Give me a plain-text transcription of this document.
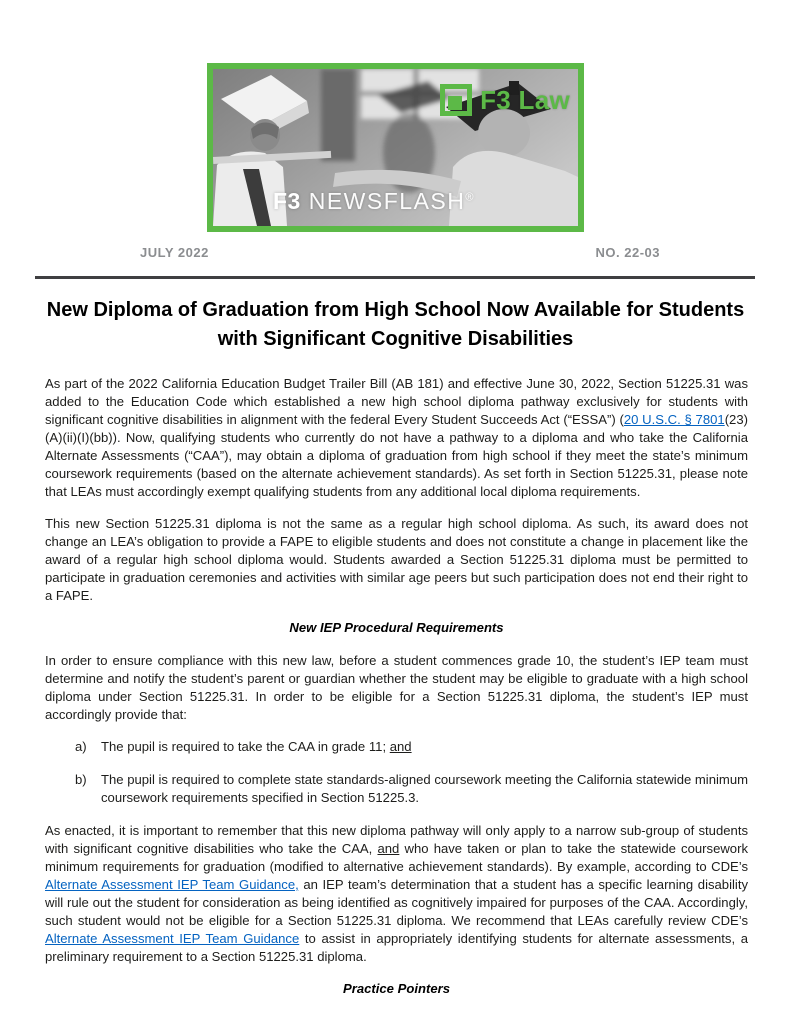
F3 Law
F3 NEWSFLASH®
JULY 2022	NO. 22-03
New Diploma of Graduation from High School Now Available for Students with Significant Cognitive Disabilities

As part of the 2022 California Education Budget Trailer Bill (AB 181) and effective June 30, 2022, Section 51225.31 was added to the Education Code which established a new high school diploma pathway exclusively for students with significant cognitive disabilities in alignment with the federal Every Student Succeeds Act (“ESSA”) (20 U.S.C. § 7801(23)(A)(ii)(I)(bb)). Now, qualifying students who currently do not have a pathway to a diploma and who take the California Alternate Assessments (“CAA”), may obtain a diploma of graduation from high school if they meet the state’s minimum coursework requirements (based on the alternate achievement standards). As set forth in Section 51225.31, please note that LEAs must accordingly exempt qualifying students from any additional local diploma requirements.

This new Section 51225.31 diploma is not the same as a regular high school diploma. As such, its award does not change an LEA’s obligation to provide a FAPE to eligible students and does not constitute a change in placement like the award of a regular high school diploma would. Students awarded a Section 51225.31 diploma must be permitted to participate in graduation ceremonies and activities with similar age peers but such participation does not end their right to a FAPE.

New IEP Procedural Requirements

In order to ensure compliance with this new law, before a student commences grade 10, the student’s IEP team must determine and notify the student’s parent or guardian whether the student may be eligible to graduate with a high school diploma under Section 51225.31. In order to be eligible for a Section 51225.31 diploma, the student’s IEP must accordingly provide that:

a)	The pupil is required to take the CAA in grade 11; and
b)	The pupil is required to complete state standards-aligned coursework meeting the California statewide minimum coursework requirements specified in Section 51225.3.

As enacted, it is important to remember that this new diploma pathway will only apply to a narrow sub-group of students with significant cognitive disabilities who take the CAA, and who have taken or plan to take the statewide coursework minimum requirements for graduation (modified to alternative achievement standards). By example, according to CDE’s Alternate Assessment IEP Team Guidance, an IEP team’s determination that a student has a specific learning disability will rule out the student for consideration as being identified as cognitively impaired for purposes of the CAA. Accordingly, such student would not be eligible for a Section 51225.31 diploma. We recommend that LEAs carefully review CDE’s Alternate Assessment IEP Team Guidance to assist in appropriately identifying students for alternate assessments, a preliminary requirement to a Section 51225.31 diploma.

Practice Pointers
